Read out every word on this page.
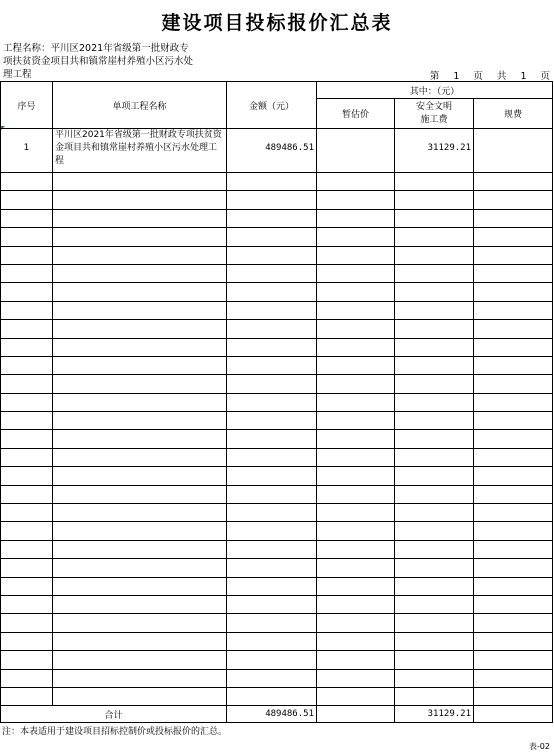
建设项目投标报价汇总表
工程名称：平川区2021年省级第一批财政专项扶贫资金项目共和镇常崖村养殖小区污水处理工程	第 1 页 共 1 页
序号	单项工程名称	金额（元）	其中：（元）		
			暂估价	安全文明施工费	规费
1	平川区2021年省级第一批财政专项扶贫资金项目共和镇常崖村养殖小区污水处理工程	489486.51		31129.21	

合计		489486.51		31129.21	
注：本表适用于建设项目招标控制价或投标报价的汇总。
表-02
